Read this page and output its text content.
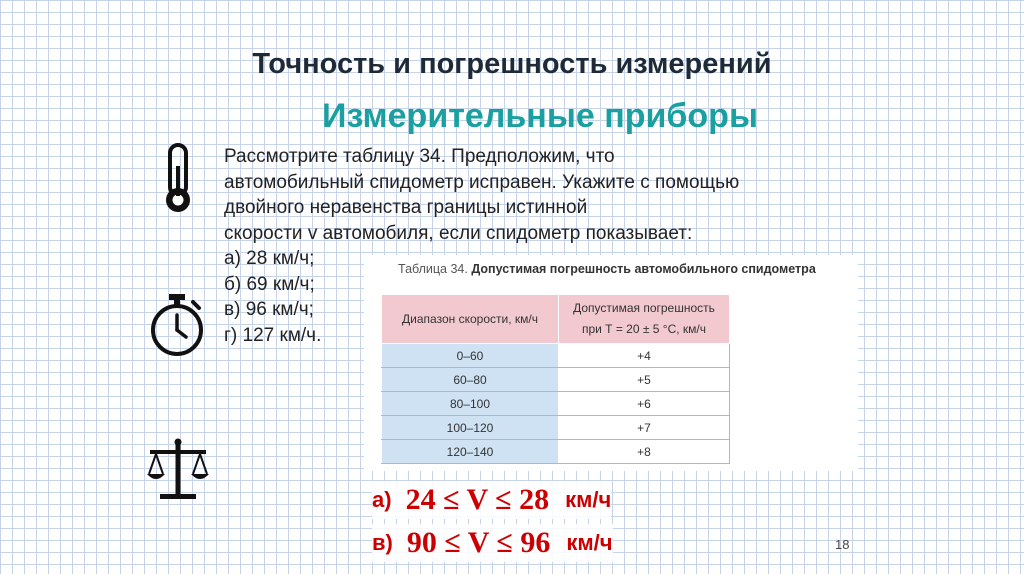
Точность и погрешность измерений
Измерительные приборы
Рассмотрите таблицу 34. Предположим, что
автомобильный спидометр исправен. Укажите с помощью
двойного неравенства границы истинной
скорости v автомобиля, если спидометр показывает:
а) 28 км/ч;
б) 69 км/ч;
в) 96 км/ч;
г) 127 км/ч.
Таблица 34. Допустимая погрешность автомобильного спидометра
Диапазон скорости, км/ч	Допустимая погрешность
при Т = 20 ± 5 °С, км/ч
0–60	+4
60–80	+5
80–100	+6
100–120	+7
120–140	+8
а) 24 ≤ V ≤ 28 км/ч
в) 90 ≤ V ≤ 96 км/ч	18
